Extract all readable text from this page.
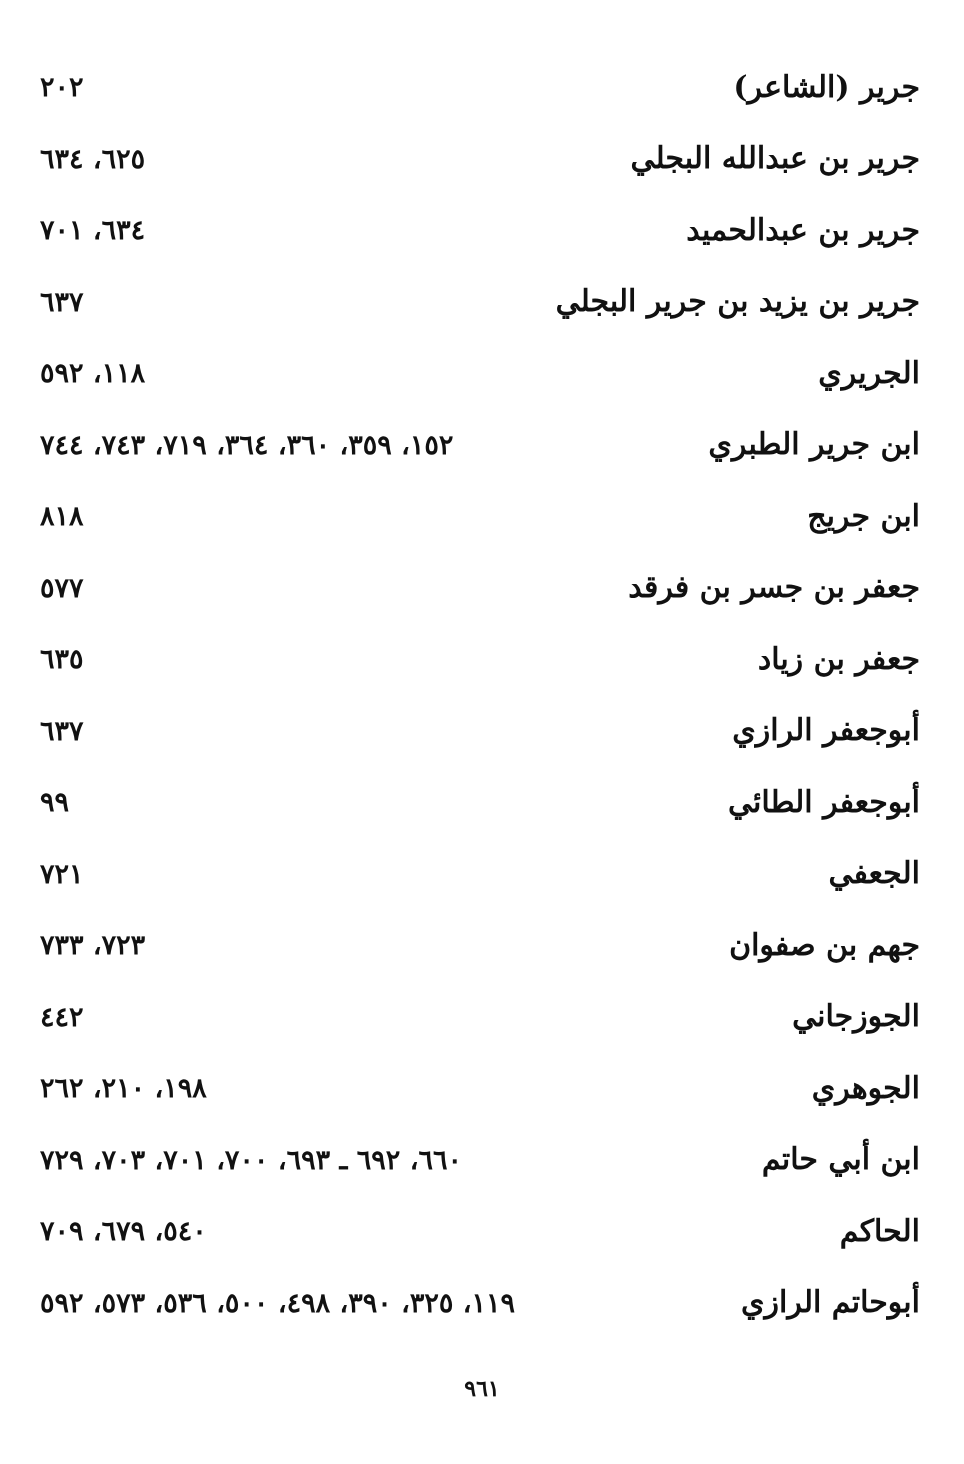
جرير (الشاعر)
٢٠٢
جرير بن عبدالله البجلي
٦٢٥، ٦٣٤
جرير بن عبدالحميد
٦٣٤، ٧٠١
جرير بن يزيد بن جرير البجلي
٦٣٧
الجريري
١١٨، ٥٩٢
ابن جرير الطبري
١٥٢، ٣٥٩، ٣٦٠، ٣٦٤، ٧١٩، ٧٤٣، ٧٤٤
ابن جريج
٨١٨
جعفر بن جسر بن فرقد
٥٧٧
جعفر بن زياد
٦٣٥
أبوجعفر الرازي
٦٣٧
أبوجعفر الطائي
٩٩
الجعفي
٧٢١
جهم بن صفوان
٧٢٣، ٧٣٣
الجوزجاني
٤٤٢
الجوهري
١٩٨، ٢١٠، ٢٦٢
ابن أبي حاتم
٦٦٠، ٦٩٢ ـ ٦٩٣، ٧٠٠، ٧٠١، ٧٠٣، ٧٢٩
الحاكم
٥٤٠، ٦٧٩، ٧٠٩
أبوحاتم الرازي
١١٩، ٣٢٥، ٣٩٠، ٤٩٨، ٥٠٠، ٥٣٦، ٥٧٣، ٥٩٢
٩٦١
